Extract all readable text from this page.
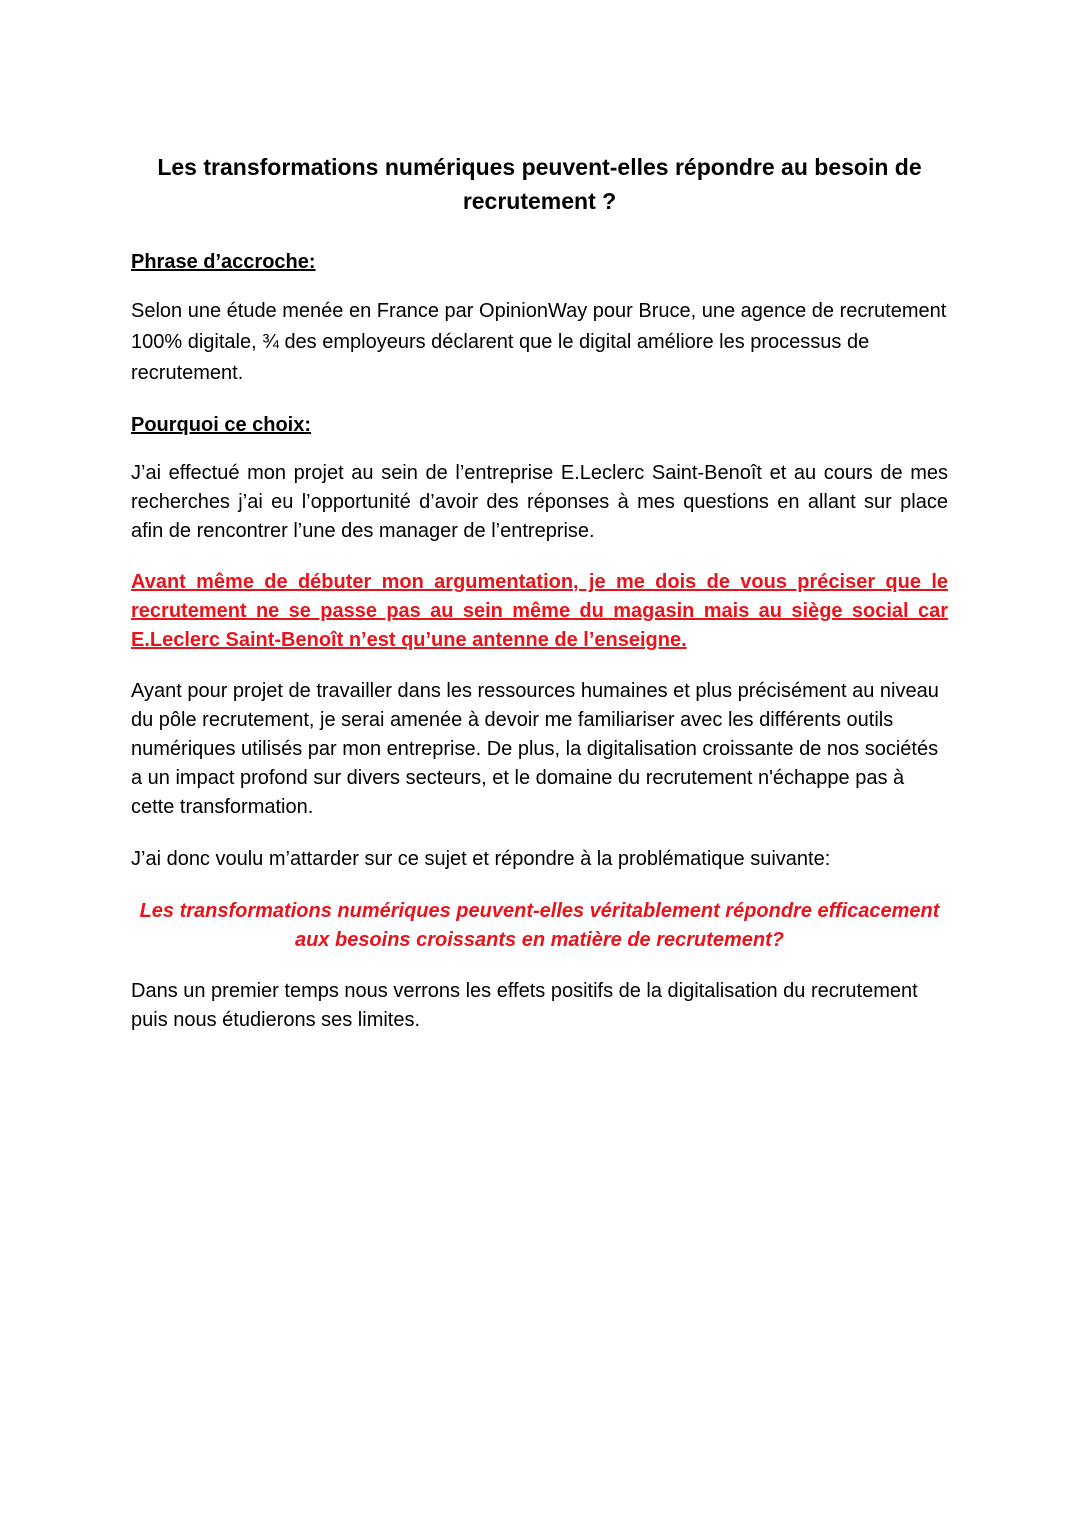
Les transformations numériques peuvent-elles répondre au besoin de recrutement ?
Phrase d’accroche:

Selon une étude menée en France par OpinionWay pour Bruce, une agence de recrutement 100% digitale, ¾ des employeurs déclarent que le digital améliore les processus de recrutement.

Pourquoi ce choix:

J’ai effectué mon projet au sein de l’entreprise E.Leclerc Saint-Benoît et au cours de mes recherches j’ai eu l’opportunité d’avoir des réponses à mes questions en allant sur place afin de rencontrer l’une des manager de l’entreprise.

Avant même de débuter mon argumentation, je me dois de vous préciser que le recrutement ne se passe pas au sein même du magasin mais au siège social car E.Leclerc Saint-Benoît n’est qu’une antenne de l’enseigne.

Ayant pour projet de travailler dans les ressources humaines et plus précisément au niveau du pôle recrutement, je serai amenée à devoir me familiariser avec les différents outils numériques utilisés par mon entreprise. De plus, la digitalisation croissante de nos sociétés a un impact profond sur divers secteurs, et le domaine du recrutement n'échappe pas à cette transformation.

J’ai donc voulu m’attarder sur ce sujet et répondre à la problématique suivante:

Les transformations numériques peuvent-elles véritablement répondre efficacement aux besoins croissants en matière de recrutement?

Dans un premier temps nous verrons les effets positifs de la digitalisation du recrutement puis nous étudierons ses limites.
